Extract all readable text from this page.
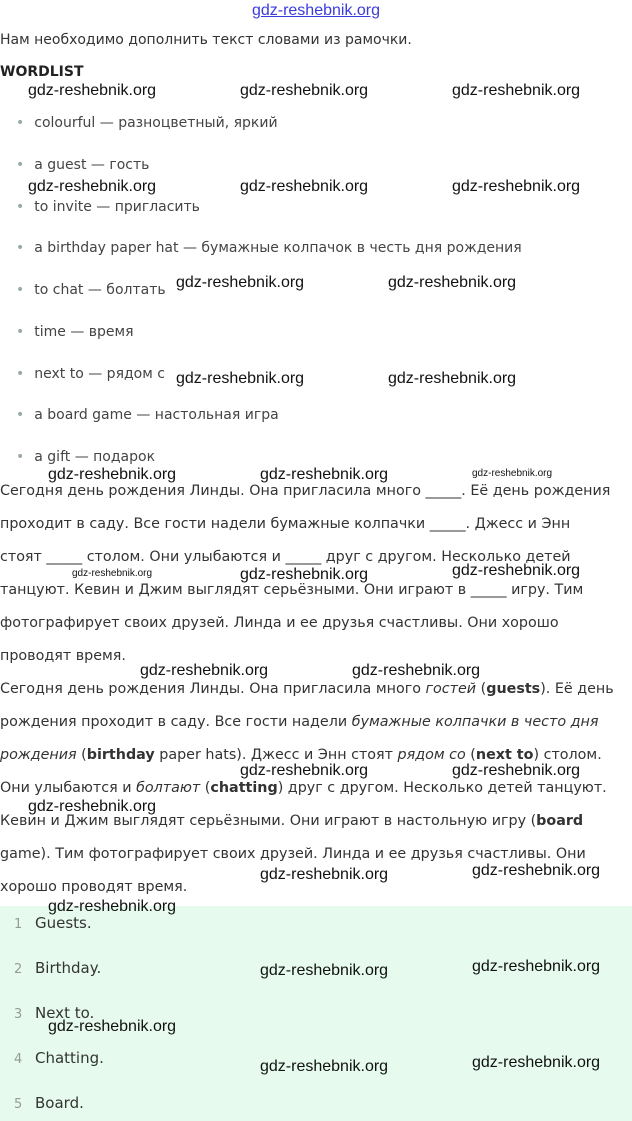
gdz-reshebnik.org
Нам необходимо дополнить текст словами из рамочки.
WORDLIST
• colourful — разноцветный, яркий
• a guest — гость
• to invite — пригласить
• a birthday paper hat — бумажные колпачок в честь дня рождения
• to chat — болтать
• time — время
• next to — рядом с
• a board game — настольная игра
• a gift — подарок
Сегодня день рождения Линды. Она пригласила много _____. Её день рождения
проходит в саду. Все гости надели бумажные колпачки _____. Джесс и Энн
стоят _____ столом. Они улыбаются и _____ друг с другом. Несколько детей
танцуют. Кевин и Джим выглядят серьёзными. Они играют в _____ игру. Тим
фотографирует своих друзей. Линда и ее друзья счастливы. Они хорошо
проводят время.
Сегодня день рождения Линды. Она пригласила много гостей (guests). Её день
рождения проходит в саду. Все гости надели бумажные колпачки в често дня
рождения (birthday paper hats). Джесс и Энн стоят рядом со (next to) столом.
Они улыбаются и болтают (chatting) друг с другом. Несколько детей танцуют.
Кевин и Джим выглядят серьёзными. Они играют в настольную игру (board
game). Тим фотографирует своих друзей. Линда и ее друзья счастливы. Они
хорошо проводят время.
1 Guests.
2 Birthday.
3 Next to.
4 Chatting.
5 Board.
gdz-reshebnik.org	gdz-reshebnik.org	gdz-reshebnik.org
gdz-reshebnik.org	gdz-reshebnik.org	gdz-reshebnik.org
gdz-reshebnik.org	gdz-reshebnik.org
gdz-reshebnik.org	gdz-reshebnik.org
gdz-reshebnik.org	gdz-reshebnik.org	gdz-reshebnik.org
gdz-reshebnik.org	gdz-reshebnik.org	gdz-reshebnik.org
gdz-reshebnik.org	gdz-reshebnik.org
gdz-reshebnik.org	gdz-reshebnik.org
gdz-reshebnik.org
gdz-reshebnik.org	gdz-reshebnik.org
gdz-reshebnik.org
gdz-reshebnik.org	gdz-reshebnik.org
gdz-reshebnik.org
gdz-reshebnik.org	gdz-reshebnik.org
